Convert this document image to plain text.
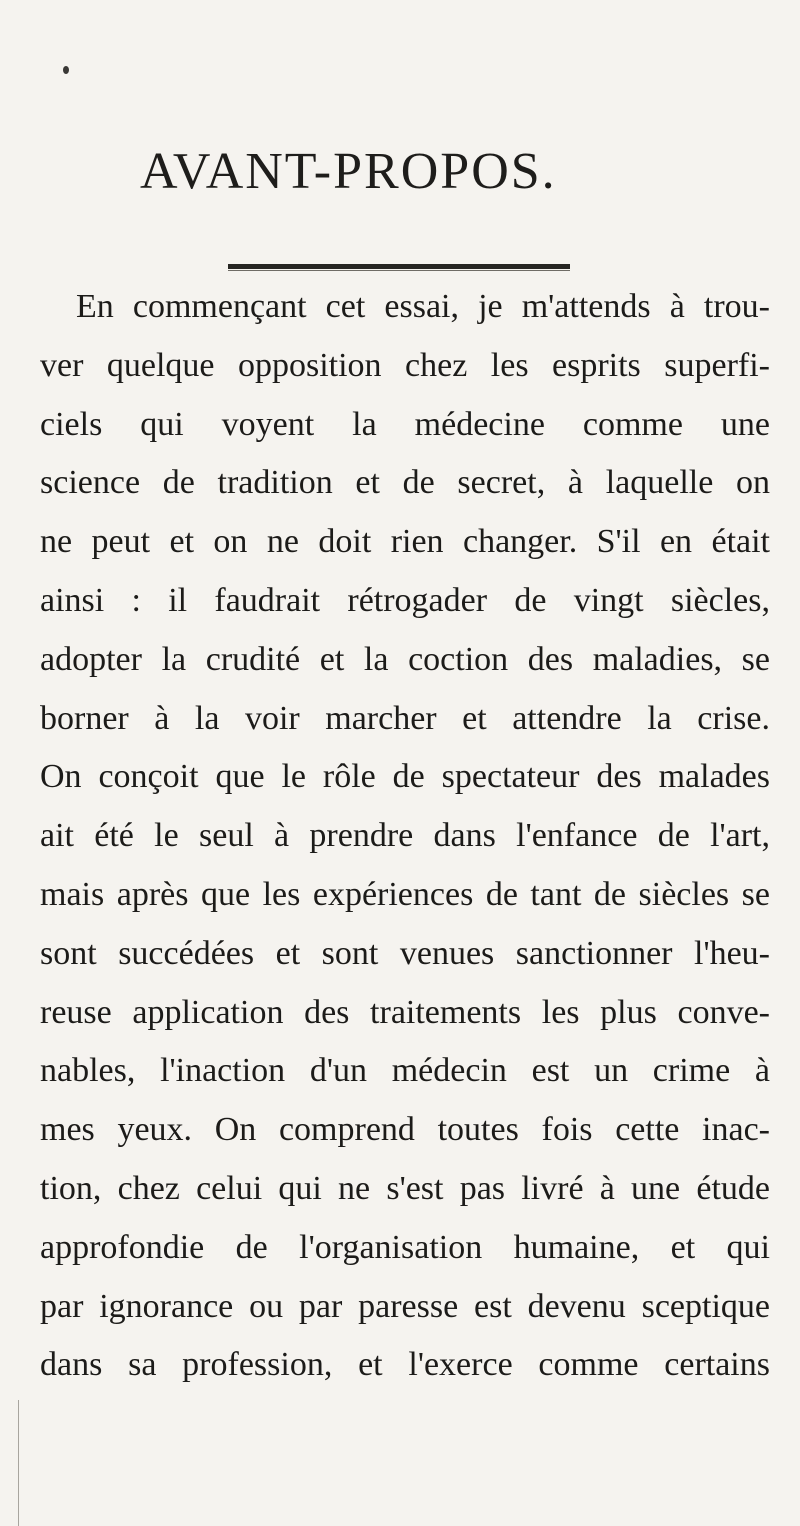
AVANT-PROPOS.
En commençant cet essai, je m'attends à trou-
ver quelque opposition chez les esprits superfi-
ciels qui voyent la médecine comme une
science de tradition et de secret, à laquelle on
ne peut et on ne doit rien changer. S'il en était
ainsi : il faudrait rétrogader de vingt siècles,
adopter la crudité et la coction des maladies, se
borner à la voir marcher et attendre la crise.
On conçoit que le rôle de spectateur des malades
ait été le seul à prendre dans l'enfance de l'art,
mais après que les expériences de tant de siècles se
sont succédées et sont venues sanctionner l'heu-
reuse application des traitements les plus conve-
nables, l'inaction d'un médecin est un crime à
mes yeux. On comprend toutes fois cette inac-
tion, chez celui qui ne s'est pas livré à une étude
approfondie de l'organisation humaine, et qui
par ignorance ou par paresse est devenu sceptique
dans sa profession, et l'exerce comme certains
